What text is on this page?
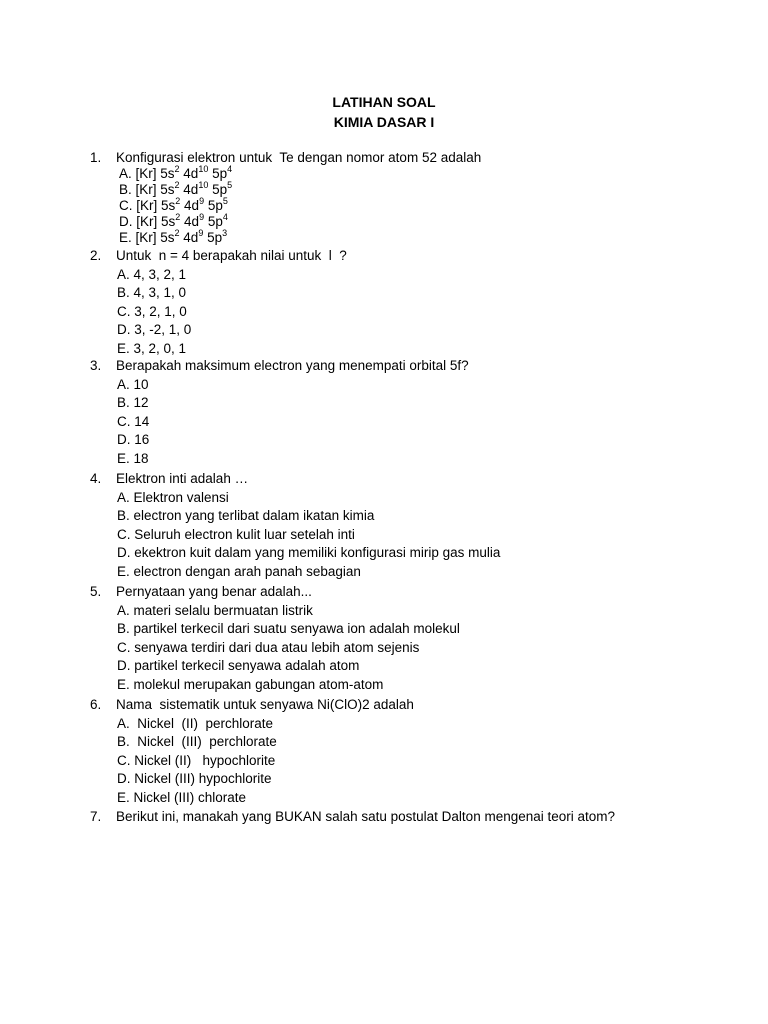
LATIHAN SOAL
KIMIA DASAR I
1. Konfigurasi elektron untuk  Te dengan nomor atom 52 adalah
A. [Kr] $5s^2$ $4d^{10}$ $5p^4$
B. [Kr] $5s^2$ $4d^{10}$ $5p^5$
C. [Kr] $5s^2$ $4d^9$ $5p^5$
D. [Kr] $5s^2$ $4d^9$ $5p^4$
E. [Kr] $5s^2$ $4d^9$ $5p^3$
2. Untuk  n = 4 berapakah nilai untuk  l  ?
A. 4, 3, 2, 1
B. 4, 3, 1, 0
C. 3, 2, 1, 0
D. 3, -2, 1, 0
E. 3, 2, 0, 1
3. Berapakah maksimum electron yang menempati orbital 5f?
A. 10
B. 12
C. 14
D. 16
E. 18
4. Elektron inti adalah …
A. Elektron valensi
B. electron yang terlibat dalam ikatan kimia
C. Seluruh electron kulit luar setelah inti
D. ekektron kuit dalam yang memiliki konfigurasi mirip gas mulia
E. electron dengan arah panah sebagian
5. Pernyataan yang benar adalah...
A. materi selalu bermuatan listrik
B. partikel terkecil dari suatu senyawa ion adalah molekul
C. senyawa terdiri dari dua atau lebih atom sejenis
D. partikel terkecil senyawa adalah atom
E. molekul merupakan gabungan atom-atom
6. Nama  sistematik untuk senyawa Ni(ClO)2 adalah
A.  Nickel  (II)  perchlorate
B.  Nickel  (III)  perchlorate
C. Nickel (II)   hypochlorite
D. Nickel (III) hypochlorite
E. Nickel (III) chlorate
7. Berikut ini, manakah yang BUKAN salah satu postulat Dalton mengenai teori atom?
